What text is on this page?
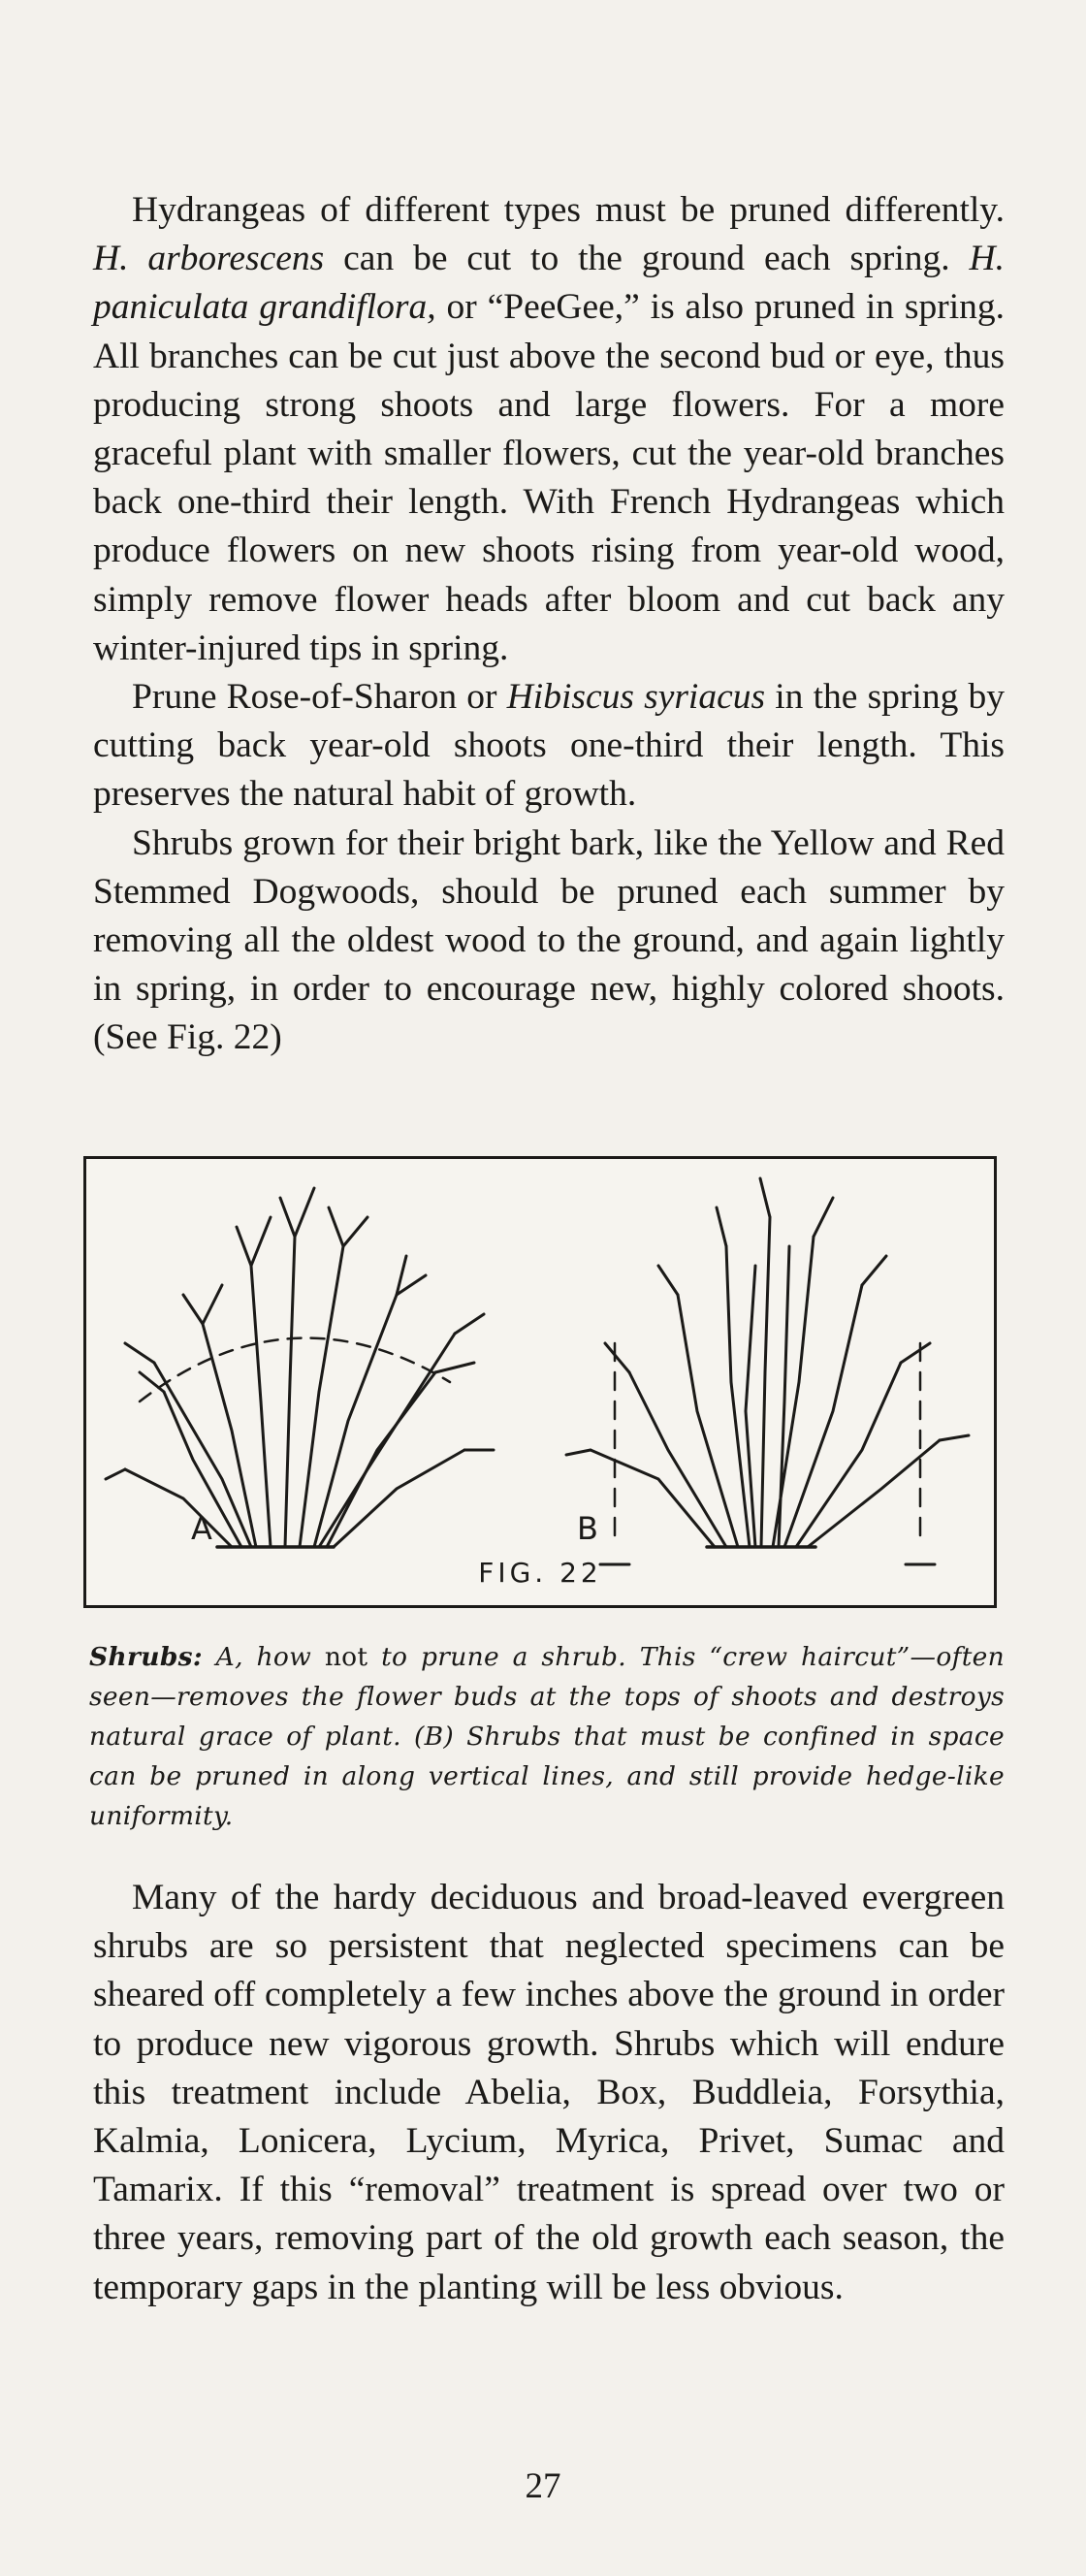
Hydrangeas of different types must be pruned differently. H. arborescens can be cut to the ground each spring. H. paniculata grandiflora, or “PeeGee,” is also pruned in spring. All branches can be cut just above the second bud or eye, thus producing strong shoots and large flowers. For a more graceful plant with smaller flowers, cut the year-old branches back one-third their length. With French Hydrangeas which produce flowers on new shoots rising from year-old wood, simply remove flower heads after bloom and cut back any winter-injured tips in spring.

Prune Rose-of-Sharon or Hibiscus syriacus in the spring by cutting back year-old shoots one-third their length. This preserves the natural habit of growth.

Shrubs grown for their bright bark, like the Yellow and Red Stemmed Dogwoods, should be pruned each summer by removing all the oldest wood to the ground, and again lightly in spring, in order to encourage new, highly colored shoots. (See Fig. 22)

A	B
FIG. 22
Shrubs: A, how not to prune a shrub. This “crew haircut”—often seen—removes the flower buds at the tops of shoots and destroys natural grace of plant. (B) Shrubs that must be confined in space can be pruned in along vertical lines, and still provide hedge-like uniformity.

Many of the hardy deciduous and broad-leaved evergreen shrubs are so persistent that neglected specimens can be sheared off completely a few inches above the ground in order to produce new vigorous growth. Shrubs which will endure this treatment include Abelia, Box, Buddleia, Forsythia, Kalmia, Lonicera, Lycium, Myrica, Privet, Sumac and Tamarix. If this “removal” treatment is spread over two or three years, removing part of the old growth each season, the temporary gaps in the planting will be less obvious.

27
